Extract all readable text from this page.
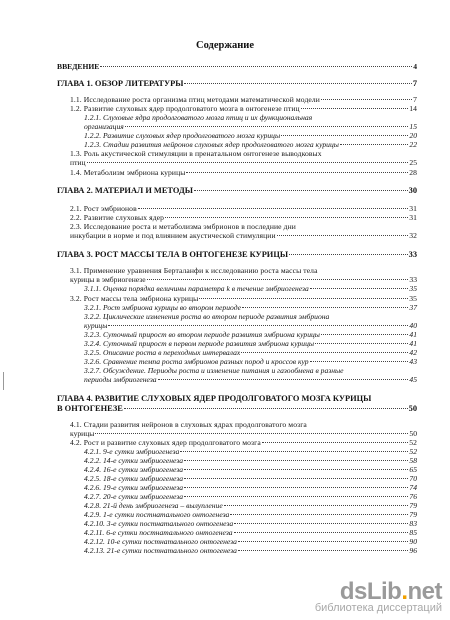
Содержание
ВВЕДЕНИЕ	4
ГЛАВА 1. ОБЗОР ЛИТЕРАТУРЫ	7
1.1. Исследование роста организма птиц методами математической модели	7
1.2. Развитие слуховых ядер продолговатого мозга в онтогенезе птиц	14
1.2.1. Слуховые ядра продолговатого мозга птиц и их функциональная
организация	15
1.2.2. Развитие слуховых ядер продолговатого мозга курицы	20
1.2.3. Стадии развития нейронов слуховых ядер продолговатого мозга курицы	22
1.3. Роль акустической стимуляции в пренатальном онтогенезе выводковых
птиц	25
1.4. Метаболизм эмбриона курицы	28
ГЛАВА 2. МАТЕРИАЛ И МЕТОДЫ	30
2.1. Рост эмбрионов	31
2.2. Развитие слуховых ядер	31
2.3. Исследование роста и метаболизма эмбрионов в последние дни
инкубации в норме и под влиянием акустической стимуляции	32
ГЛАВА 3. РОСТ МАССЫ ТЕЛА В ОНТОГЕНЕЗЕ КУРИЦЫ	33
3.1. Применение уравнения Берталанфи к исследованию роста массы тела
курицы в эмбриогенезе	33
3.1.1. Оценка порядка величины параметра k в течение эмбриогенеза	35
3.2. Рост массы тела эмбриона курицы	35
3.2.1. Рост эмбриона курицы во втором периоде	37
3.2.2. Циклические изменения роста во втором периоде развития эмбриона
курицы	40
3.2.3. Суточный прирост во втором периоде развития эмбриона курицы	41
3.2.4. Суточный прирост в первом периоде развития эмбриона курицы	41
3.2.5. Описание роста в переходных интервалах	42
3.2.6. Сравнение темпа роста эмбрионов разных пород и кроссов кур	43
3.2.7. Обсуждение. Периоды роста и изменение питания и газообмена в разные
периоды эмбриогенеза	45
ГЛАВА 4. РАЗВИТИЕ СЛУХОВЫХ ЯДЕР ПРОДОЛГОВАТОГО МОЗГА КУРИЦЫ
В ОНТОГЕНЕЗЕ	50
4.1. Стадии развития нейронов в слуховых ядрах продолговатого мозга
курицы	50
4.2. Рост и развитие слуховых ядер продолговатого мозга	52
4.2.1. 9-е сутки эмбриогенеза	52
4.2.2. 14-е сутки эмбриогенеза	58
4.2.4. 16-е сутки эмбриогенеза	65
4.2.5. 18-е сутки эмбриогенеза	70
4.2.6. 19-е сутки эмбриогенеза	74
4.2.7. 20-е сутки эмбриогенеза	76
4.2.8. 21-й день эмбриогенеза – вылупление	79
4.2.9. 1-е сутки постнатального онтогенеза	79
4.2.10. 3-е сутки постнатального онтогенеза	83
4.2.11. 6-е сутки постнатального онтогенеза	85
4.2.12. 10-е сутки постнатального онтогенеза	90
4.2.13. 21-е сутки постнатального онтогенеза	96
dsLib.net
библиотека диссертаций
